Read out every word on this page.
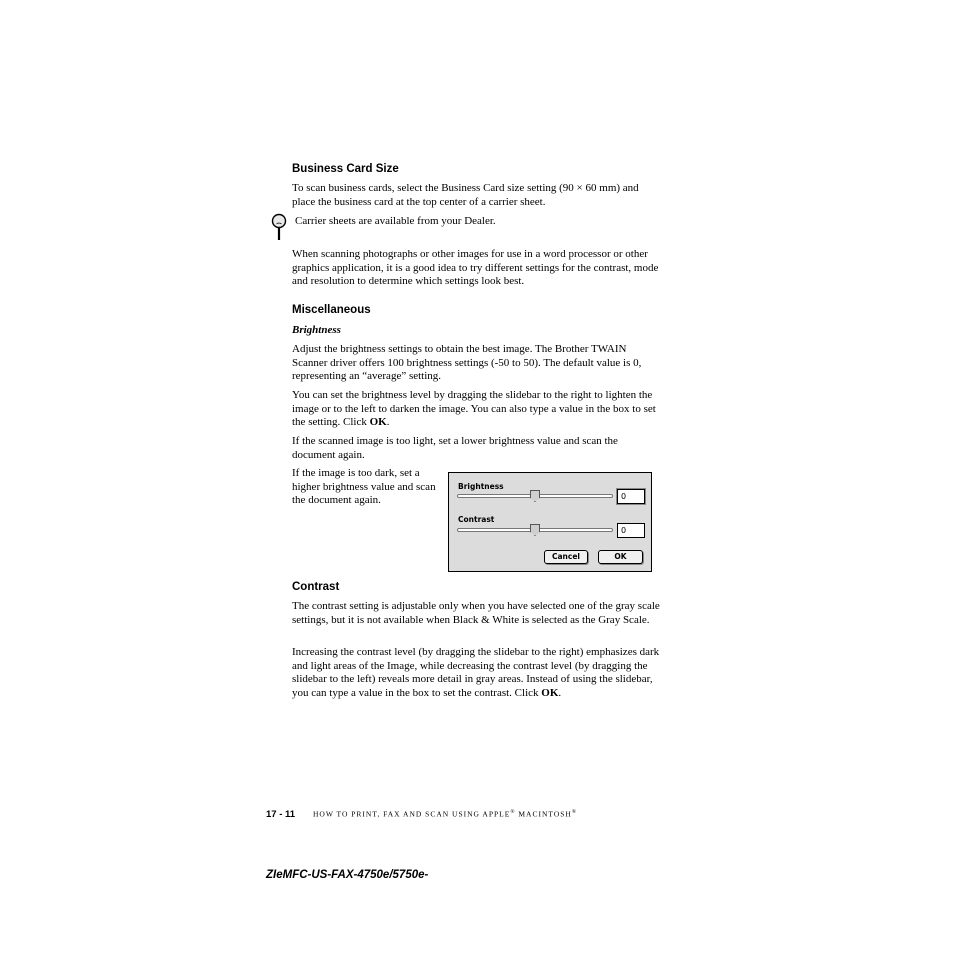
Business Card Size
To scan business cards, select the Business Card size setting (90 × 60 mm) and place the business card at the top center of a carrier sheet.
Carrier sheets are available from your Dealer.
When scanning photographs or other images for use in a word processor or other graphics application, it is a good idea to try different settings for the contrast, mode and resolution to determine which settings look best.
Miscellaneous
Brightness
Adjust the brightness settings to obtain the best image. The Brother TWAIN Scanner driver offers 100 brightness settings (-50 to 50). The default value is 0, representing an “average” setting.
You can set the brightness level by dragging the slidebar to the right to lighten the image or to the left to darken the image. You can also type a value in the box to set the setting. Click OK.
If the scanned image is too light, set a lower brightness value and scan the document again.
If the image is too dark, set a higher brightness value and scan the document again.
Brightness
0
Contrast
0
Cancel	OK
Contrast
The contrast setting is adjustable only when you have selected one of the gray scale settings, but it is not available when Black & White is selected as the Gray Scale.
Increasing the contrast level (by dragging the slidebar to the right) emphasizes dark and light areas of the Image, while decreasing the contrast level (by dragging the slidebar to the left) reveals more detail in gray areas. Instead of using the slidebar, you can type a value in the box to set the contrast. Click OK.
17 - 11 HOW TO PRINT, FAX AND SCAN USING APPLE® MACINTOSH®
ZIeMFC-US-FAX-4750e/5750e-
